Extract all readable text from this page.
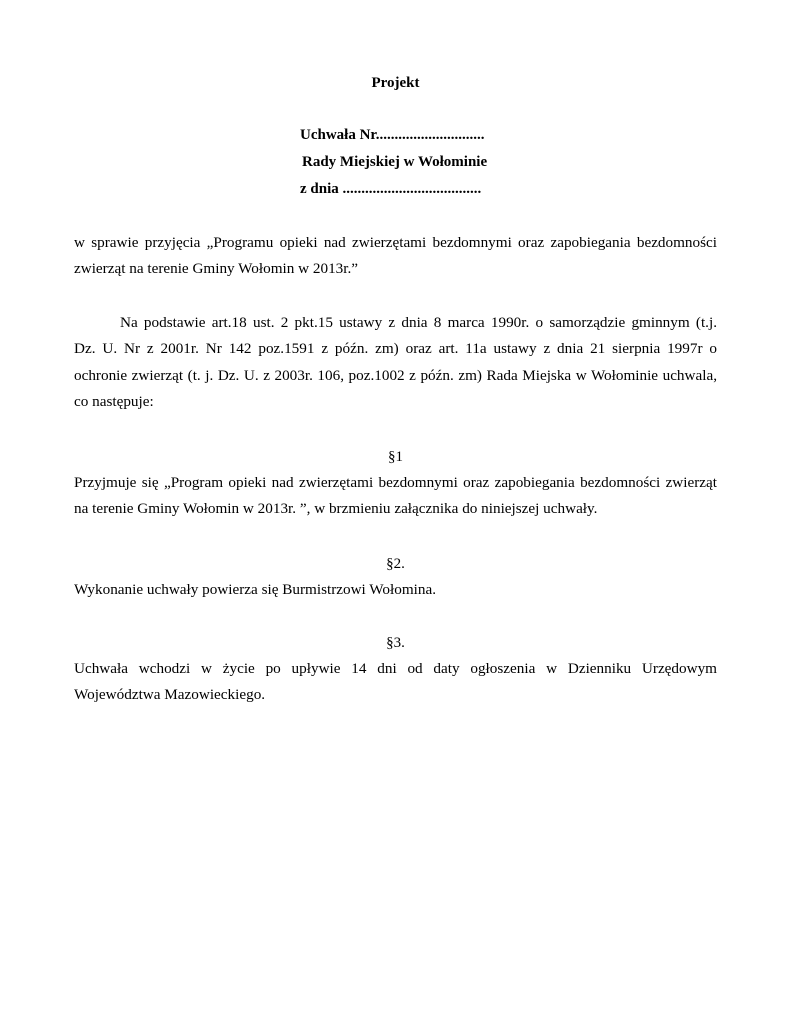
Projekt
Uchwała Nr.............................
Rady Miejskiej w Wołominie
z dnia .....................................
w sprawie przyjęcia „Programu opieki nad zwierzętami bezdomnymi oraz zapobiegania bezdomności
zwierząt na terenie Gminy Wołomin w 2013r.”
Na podstawie art.18 ust. 2 pkt.15 ustawy z dnia 8 marca 1990r. o samorządzie gminnym (t.j.
Dz. U. Nr z 2001r. Nr 142 poz.1591 z późn. zm) oraz art. 11a ustawy z dnia 21 sierpnia 1997r o
ochronie zwierząt (t. j. Dz. U. z 2003r. 106, poz.1002 z późn. zm) Rada Miejska w Wołominie uchwala,
co następuje:
§1
Przyjmuje się „Program opieki nad zwierzętami bezdomnymi oraz zapobiegania bezdomności zwierząt
na terenie Gminy Wołomin w 2013r. ”, w brzmieniu załącznika do niniejszej uchwały.
§2.
Wykonanie uchwały powierza się Burmistrzowi Wołomina.
§3.
Uchwała wchodzi w życie po upływie 14 dni od daty ogłoszenia w Dzienniku Urzędowym
Województwa Mazowieckiego.
